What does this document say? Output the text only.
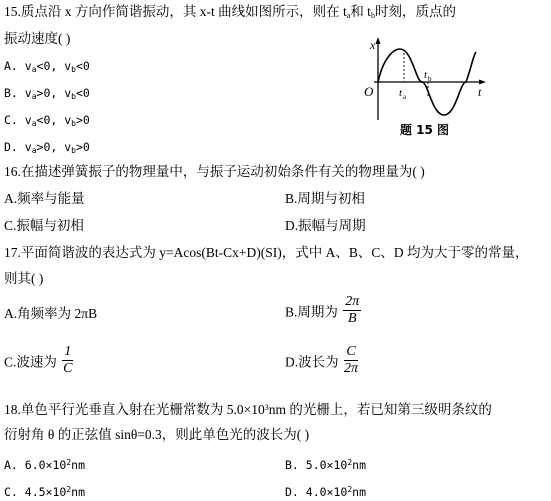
15.质点沿 x 方向作简谐振动，其 x-t 曲线如图所示，则在 $t_a$和 $t_b$时刻，质点的
振动速度( )
A. $v_a<0$, $v_b<0$
B. $v_a>0$, $v_b<0$
C. $v_a<0$, $v_b>0$
D. $v_a>0$, $v_b>0$
x
O	t
t a
t b
题 15 图
16.在描述弹簧振子的物理量中，与振子运动初始条件有关的物理量为( )
A.频率与能量	B.周期与初相
C.振幅与初相	D.振幅与周期
17.平面简谐波的表达式为 y=Acos(Bt-Cx+D)(SI)，式中 A、B、C、D 均为大于零的常量，
则其( )
A.角频率为 2πB	B.周期为 $\frac{2\pi}{B}$
C.波速为 $\frac{1}{C}$	D.波长为 $\frac{C}{2\pi}$
18.单色平行光垂直入射在光栅常数为 $5.0\times 10^3nm$ 的光栅上，若已知第三级明条纹的
衍射角 θ 的正弦值 sinθ=0.3，则此单色光的波长为( )
A. $6.0\times 10^2nm$	B. $5.0\times 10^2nm$
C. $4.5\times 10^2nm$	D. $4.0\times 10^2nm$
